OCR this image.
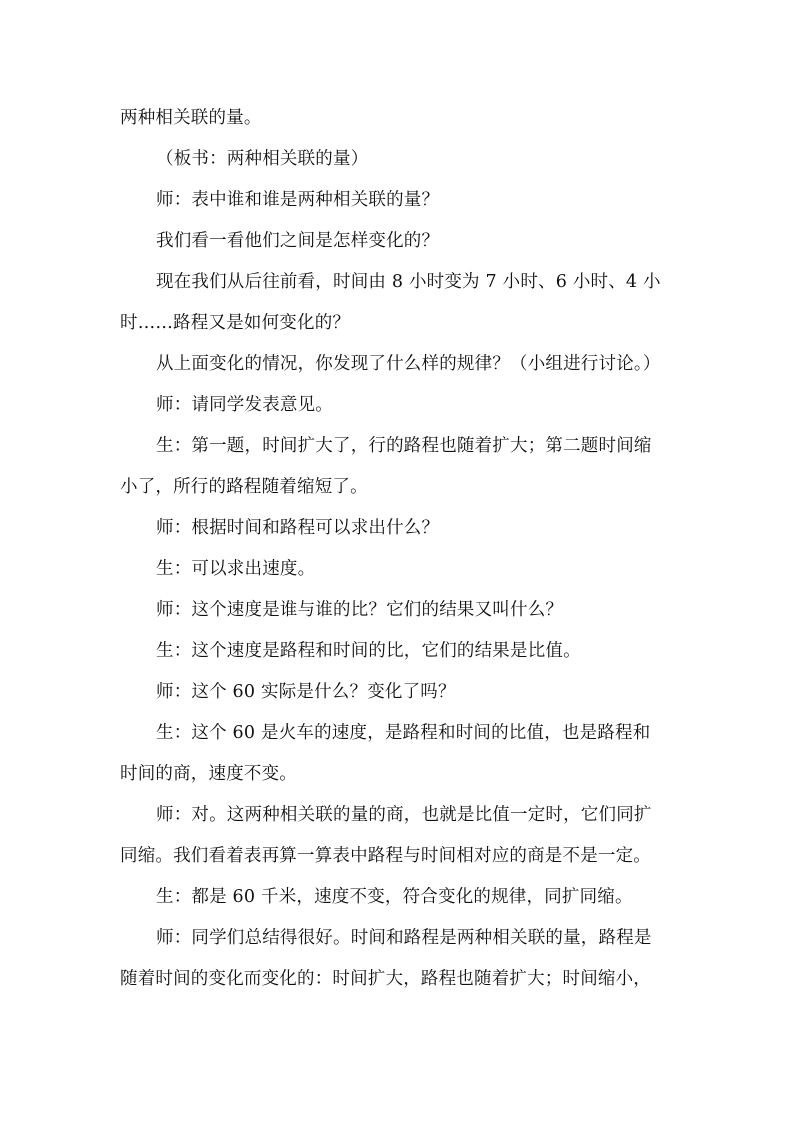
两种相关联的量。
（板书：两种相关联的量）
师：表中谁和谁是两种相关联的量？
我们看一看他们之间是怎样变化的？
现在我们从后往前看，时间由 8 小时变为 7 小时、6 小时、4 小
时……路程又是如何变化的？
从上面变化的情况，你发现了什么样的规律？（小组进行讨论。）
师：请同学发表意见。
生：第一题，时间扩大了，行的路程也随着扩大；第二题时间缩
小了，所行的路程随着缩短了。
师：根据时间和路程可以求出什么？
生：可以求出速度。
师：这个速度是谁与谁的比？它们的结果又叫什么？
生：这个速度是路程和时间的比，它们的结果是比值。
师：这个 60 实际是什么？变化了吗？
生：这个 60 是火车的速度，是路程和时间的比值，也是路程和
时间的商，速度不变。
师：对。这两种相关联的量的商，也就是比值一定时，它们同扩
同缩。我们看着表再算一算表中路程与时间相对应的商是不是一定。
生：都是 60 千米，速度不变，符合变化的规律，同扩同缩。
师：同学们总结得很好。时间和路程是两种相关联的量，路程是
随着时间的变化而变化的：时间扩大，路程也随着扩大；时间缩小，
